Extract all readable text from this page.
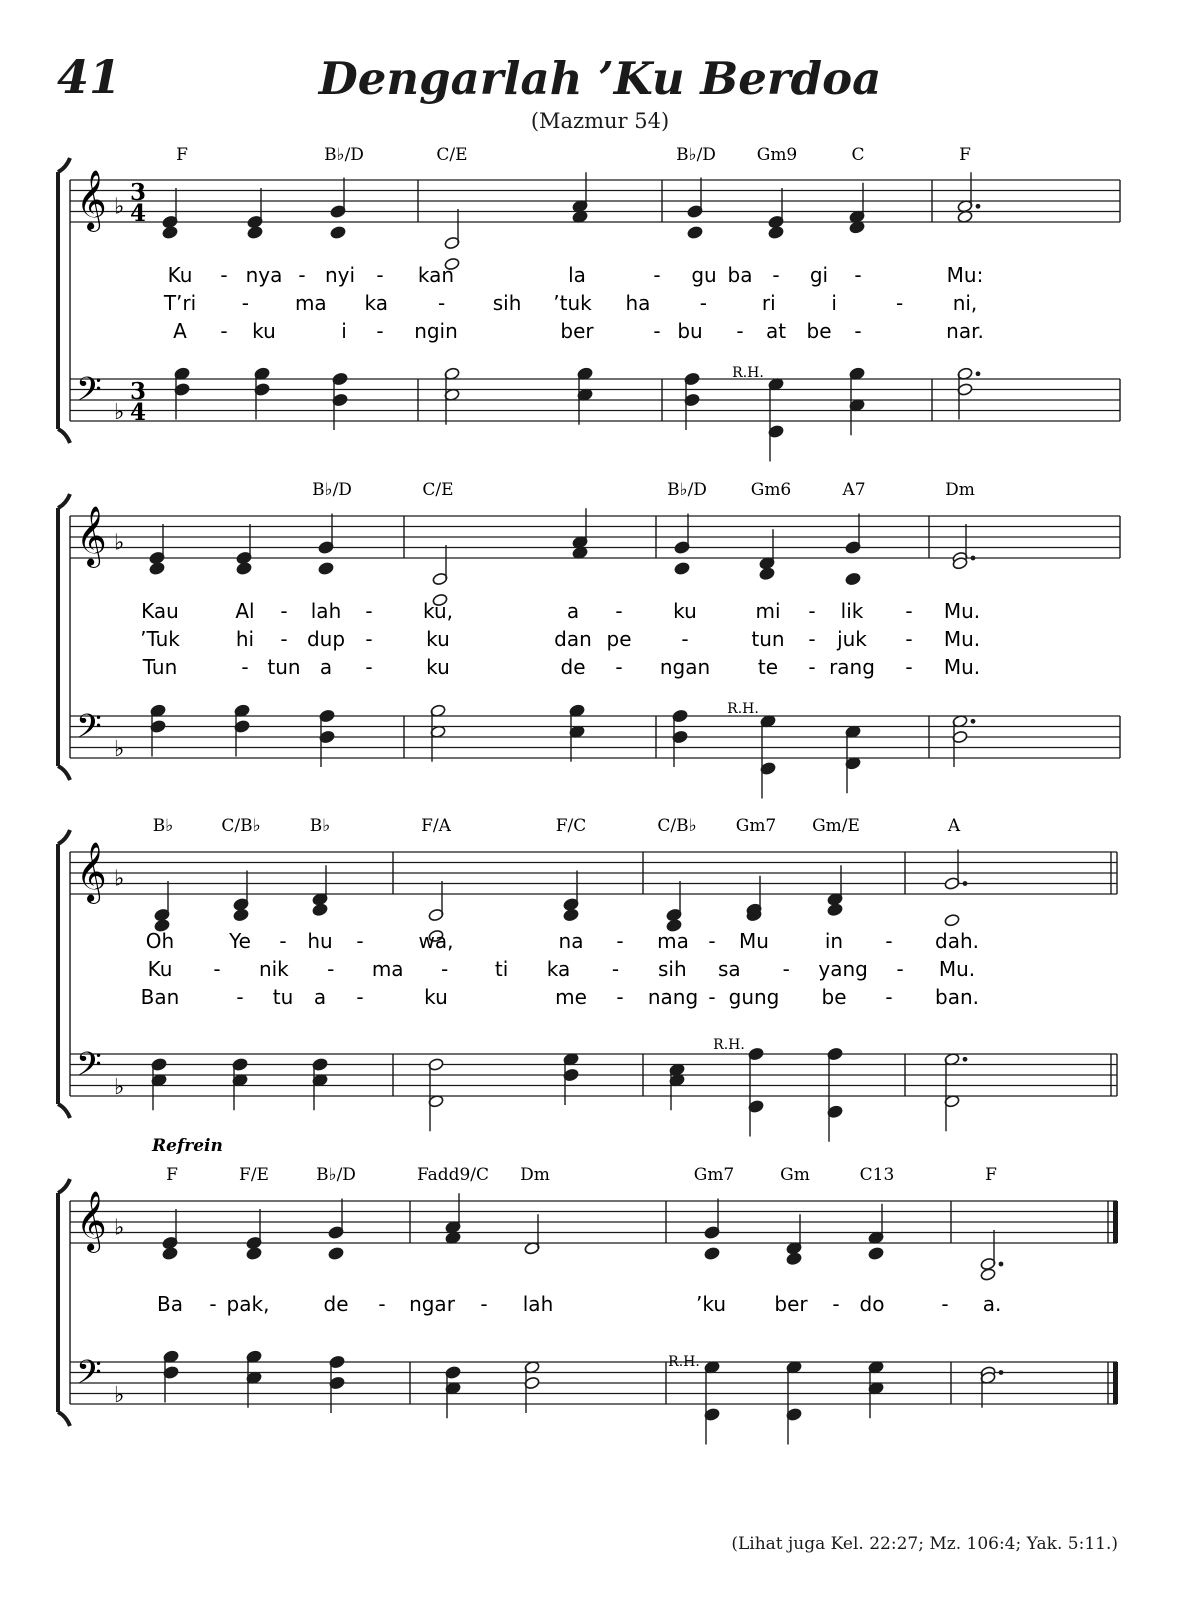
41	Dengarlah ’Ku Berdoa
(Mazmur 54)
𝄞 ♭
3
4
𝄢 ♭
3
4
F	B♭/D	C/E	B♭/D Gm9	C	F
Ku - nya - nyi - kan	la	- gu ba - gi -	Mu:
T’ri - ma ka	- sih ’tuk ha -	ri	i	- ni,
A - ku	i - ngin	ber	- bu - at be -	nar.
R.H.
𝄞 ♭
𝄢 ♭
B♭/D	C/E	B♭/D	Gm6	A7	Dm
Kau	Al - lah -	ku,	a -	ku	mi - lik - Mu.
’Tuk	hi - dup -	ku	dan pe -	tun - juk - Mu.
Tun	- tun a -	ku	de - ngan te - rang - Mu.
R.H.
𝄞 ♭
𝄢 ♭
B♭	C/B♭	B♭	F/A	F/C	C/B♭ Gm7 Gm/E	A
Oh	Ye - hu -	wa,	na - ma - Mu	in - dah.
Ku - nik - ma - ti ka - sih sa - yang - Mu.
Ban	- tu a -	ku	me - nang - gung be - ban.
R.H.
𝄞 ♭
𝄢 ♭
F	F/E	B♭/D	Fadd9/C Dm	Gm7	Gm	C13	F
Refrein
Ba - pak,	de - ngar - lah	’ku ber - do	- a.
R.H.
(Lihat juga Kel. 22:27; Mz. 106:4; Yak. 5:11.)
